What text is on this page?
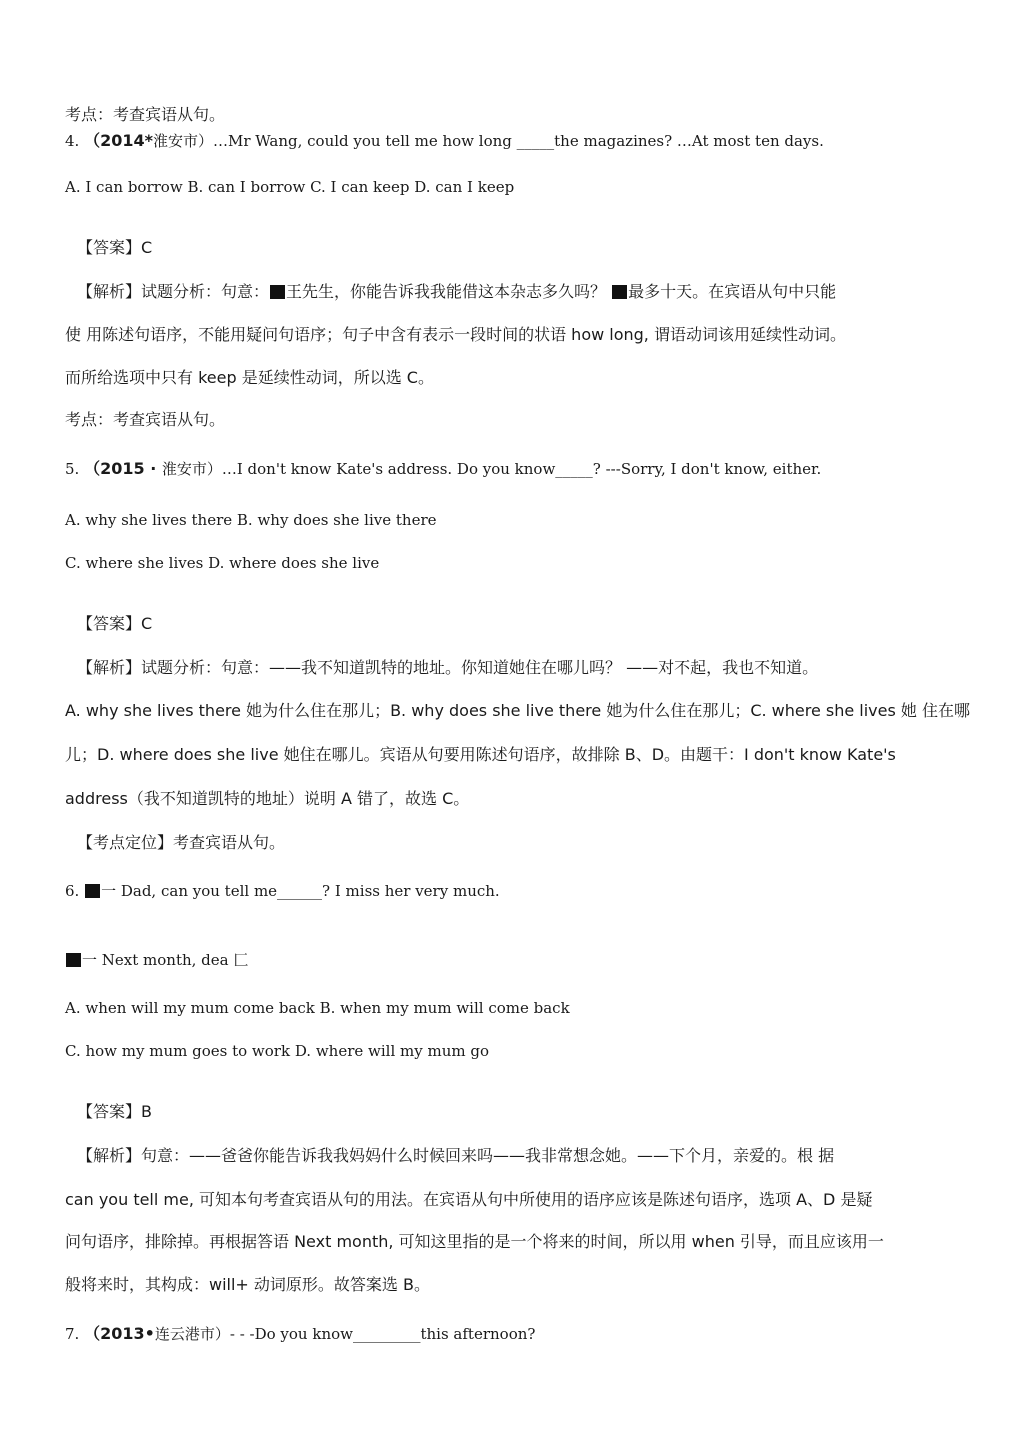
考点：考查宾语从句。
4. （2014*淮安市）…Mr Wang, could you tell me how long _____the magazines? …At most ten days.
A. I can borrow B. can I borrow C. I can keep D. can I keep
【答案】C
【解析】试题分析：句意： 王先生，你能告诉我我能借这本杂志多久吗？ 最多十天。在宾语从句中只能
使 用陈述句语序，不能用疑问句语序；句子中含有表示一段时间的状语 how long, 谓语动词该用延续性动词。
而所给选项中只有 keep 是延续性动词，所以选 C。
考点：考查宾语从句。
5. （2015 · 淮安市）…I don't know Kate's address. Do you know_____? ---Sorry, I don't know, either.
A. why she lives there B. why does she live there
C. where she lives D. where does she live
【答案】C
【解析】试题分析：句意：——我不知道凯特的地址。你知道她住在哪儿吗？ ——对不起，我也不知道。
A. why she lives there 她为什么住在那儿；B. why does she live there 她为什么住在那儿；C. where she lives 她 住在哪
儿；D. where does she live 她住在哪儿。宾语从句要用陈述句语序，故排除 B、D。由题干：I don't know Kate's
address（我不知道凯特的地址）说明 A 错了，故选 C。
【考点定位】考查宾语从句。
6. 一 Dad, can you tell me______? I miss her very much.
一 Next month, dea 匚
A. when will my mum come back B. when my mum will come back
C. how my mum goes to work D. where will my mum go
【答案】B
【解析】句意：——爸爸你能告诉我我妈妈什么时候回来吗——我非常想念她。——下个月，亲爱的。根 据
can you tell me, 可知本句考查宾语从句的用法。在宾语从句中所使用的语序应该是陈述句语序，选项 A、D 是疑
问句语序，排除掉。再根据答语 Next month, 可知这里指的是一个将来的时间，所以用 when 引导，而且应该用一
般将来时，其构成：will+ 动词原形。故答案选 B。
7. （2013•连云港市）- - -Do you know_________this afternoon?
